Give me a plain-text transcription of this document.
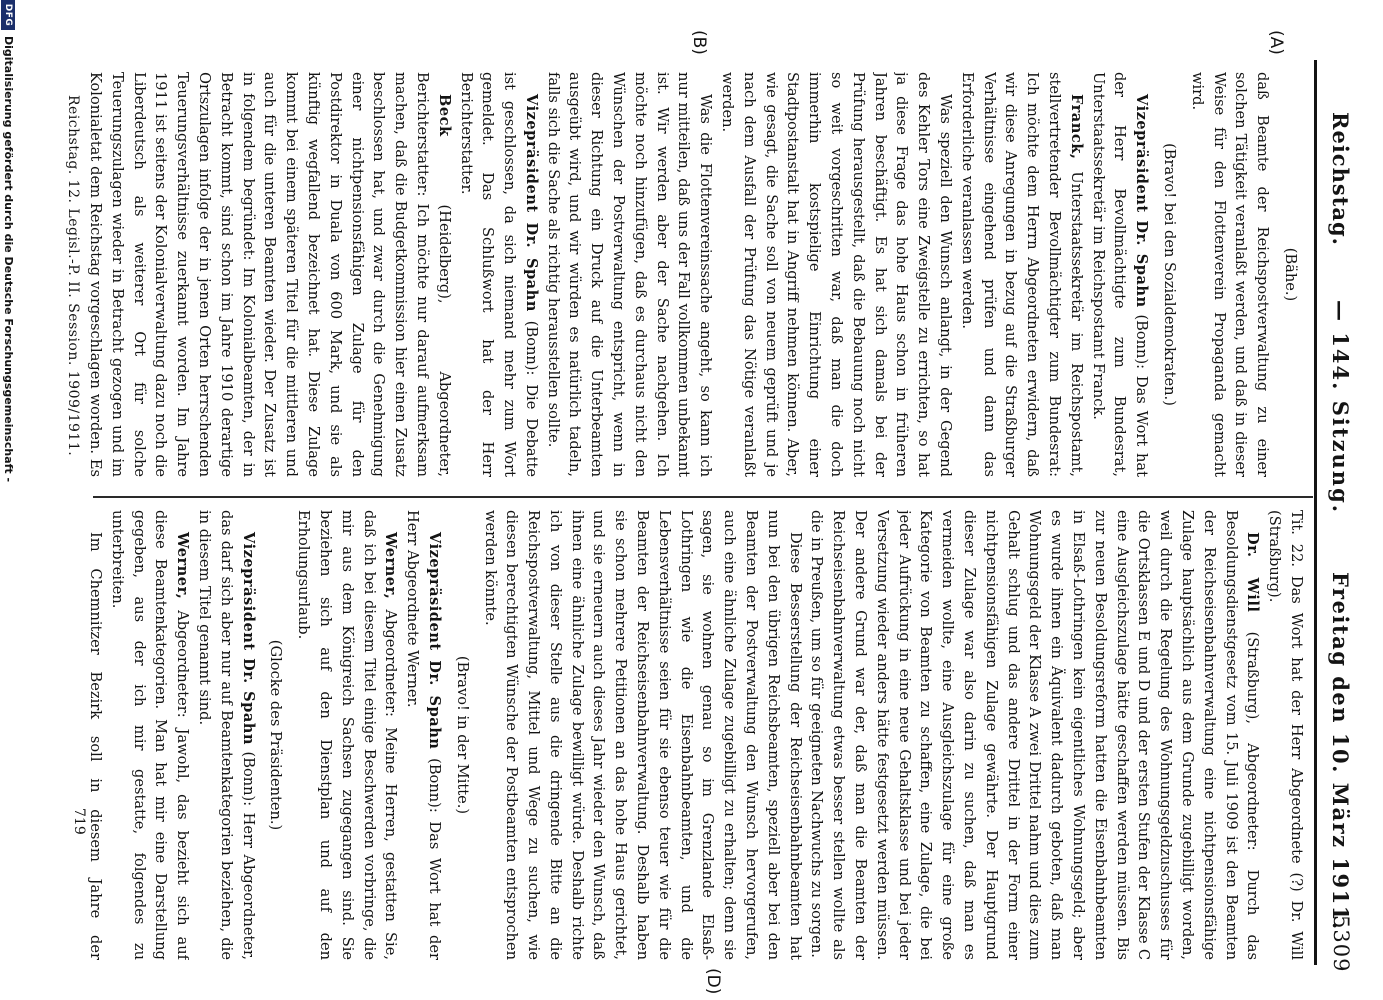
Reichstag.
— 144. Sitzung.
Freitag den 10. März 1911.
5309
(A)
(B)
(D)

(Bähe.)

daß Beamte der Reichspostverwaltung zu einer solchen Tätigkeit veranlaßt werden, und daß in dieser Weise für den Flottenverein Propaganda gemacht wird.

(Bravo! bei den Sozialdemokraten.)

Vizepräsident Dr. Spahn (Bonn): Das Wort hat der Herr Bevollmächtigte zum Bundesrat, Unterstaatssekretär im Reichspostamt Franck.

Franck, Unterstaatssekretär im Reichspostamt, stellvertretender Bevollmächtigter zum Bundesrat: Ich möchte dem Herrn Abgeordneten erwidern, daß wir diese Anregungen in bezug auf die Straßburger Verhältnisse eingehend prüfen und dann das Erforderliche veranlassen werden.

Was speziell den Wunsch anlangt, in der Gegend des Kehler Tors eine Zweigstelle zu errichten, so hat ja diese Frage das hohe Haus schon in früheren Jahren beschäftigt. Es hat sich damals bei der Prüfung herausgestellt, daß die Bebauung noch nicht so weit vorgeschritten war, daß man die doch immerhin kostspielige Einrichtung einer Stadtpostanstalt hat in Angriff nehmen können. Aber, wie gesagt, die Sache soll von neuem geprüft und je nach dem Ausfall der Prüfung das Nötige veranlaßt werden.

Was die Flottenvereinssache angeht, so kann ich nur mitteilen, daß uns der Fall vollkommen unbekannt ist. Wir werden aber der Sache nachgehen. Ich möchte noch hinzufügen, daß es durchaus nicht den Wünschen der Postverwaltung entspricht, wenn in dieser Richtung ein Druck auf die Unterbeamten ausgeübt wird, und wir würden es natürlich tadeln, falls sich die Sache als richtig herausstellen sollte.

Vizepräsident Dr. Spahn (Bonn): Die Debatte ist geschlossen, da sich niemand mehr zum Wort gemeldet. Das Schlußwort hat der Herr Berichterstatter.

Beck (Heidelberg), Abgeordneter, Berichterstatter: Ich möchte nur darauf aufmerksam machen, daß die Budgetkommission hier einen Zusatz beschlossen hat, und zwar durch die Genehmigung einer nichtpensionsfähigen Zulage für den Postdirektor in Duala von 600 Mark, und sie als künftig wegfallend bezeichnet hat. Diese Zulage kommt bei einem späteren Titel für die mittleren und auch für die unteren Beamten wieder. Der Zusatz ist in folgendem begründet: Im Kolonialbeamten, der in Betracht kommt, sind schon im Jahre 1910 derartige Ortszulagen infolge der in jenen Orten herrschenden Teuerungsverhältnisse zuerkannt worden. Im Jahre 1911 ist seitens der Kolonialverwaltung dazu noch die Liberdeutsch als weiterer Ort für solche Teuerungszulagen wieder in Betracht gezogen und im Kolonialetat dem Reichstag vorgeschlagen worden. Es

Tit. 22. Das Wort hat der Herr Abgeordnete (?) Dr. Will (Straßburg).

Dr. Will (Straßburg), Abgeordneter: Durch das Besoldungsdienstgesetz vom 15. Juli 1909 ist den Beamten der Reichseisenbahnverwaltung eine nichtpensionsfähige Zulage hauptsächlich aus dem Grunde zugebilligt worden, weil durch die Regelung des Wohnungsgeldzuschusses für die Ortsklassen E und D und der ersten Stufen der Klasse C eine Ausgleichszulage hätte geschaffen werden müssen. Bis zur neuen Besoldungsreform hatten die Eisenbahnbeamten in Elsaß-Lothringen kein eigentliches Wohnungsgeld; aber es wurde ihnen ein Äquivalent dadurch geboten, daß man Wohnungsgeld der Klasse A zwei Drittel nahm und dies zum Gehalt schlug und das andere Drittel in der Form einer nichtpensionsfähigen Zulage gewährte. Der Hauptgrund dieser Zulage war also darin zu suchen, daß man es vermeiden wollte, eine Ausgleichszulage für eine große Kategorie von Beamten zu schaffen, eine Zulage, die bei jeder Aufrückung in eine neue Gehaltsklasse und bei jeder Versetzung wieder anders hätte festgesetzt werden müssen. Der andere Grund war der, daß man die Beamten der Reichseisenbahnverwaltung etwas besser stellen wollte als die in Preußen, um so für geeigneten Nachwuchs zu sorgen.

Diese Besserstellung der Reichseisenbahnbeamten hat nun bei den übrigen Reichsbeamten, speziell aber bei den Beamten der Postverwaltung den Wunsch hervorgerufen, auch eine ähnliche Zulage zugebilligt zu erhalten; denn sie sagen, sie wohnen genau so im Grenzlande Elsaß-Lothringen wie die Eisenbahnbeamten, und die Lebensverhältnisse seien für sie ebenso teuer wie für die Beamten der Reichseisenbahnverwaltung. Deshalb haben sie schon mehrere Petitionen an das hohe Haus gerichtet, und sie erneuern auch dieses Jahr wieder den Wunsch, daß ihnen eine ähnliche Zulage bewilligt würde. Deshalb richte ich von dieser Stelle aus die dringende Bitte an die Reichspostverwaltung, Mittel und Wege zu suchen, wie diesen berechtigten Wünsche der Postbeamten entsprochen werden könnte.

(Bravo! in der Mitte.)

Vizepräsident Dr. Spahn (Bonn): Das Wort hat der Herr Abgeordnete Werner.

Werner, Abgeordneter: Meine Herren, gestatten Sie, daß ich bei diesem Titel einige Beschwerden vorbringe, die mir aus dem Königreich Sachsen zugegangen sind. Sie beziehen sich auf den Dienstplan und auf den Erholungsurlaub.

(Glocke des Präsidenten.)

Vizepräsident Dr. Spahn (Bonn): Herr Abgeordneter, das darf sich aber nur auf Beamtenkategorien beziehen, die in diesem Titel genannt sind.

Werner, Abgeordneter: Jawohl, das bezieht sich auf diese Beamtenkategorien. Man hat mir eine Darstellung gegeben, aus der ich mir gestatte, folgendes zu unterbreiten.

Im Chemnitzer Bezirk soll in diesem Jahre der

Reichstag. 12. Legisl.-P. II. Session. 1909/1911.
719
DFGDigitalisierung gefördert durch die Deutsche Forschungsgemeinschaft -
